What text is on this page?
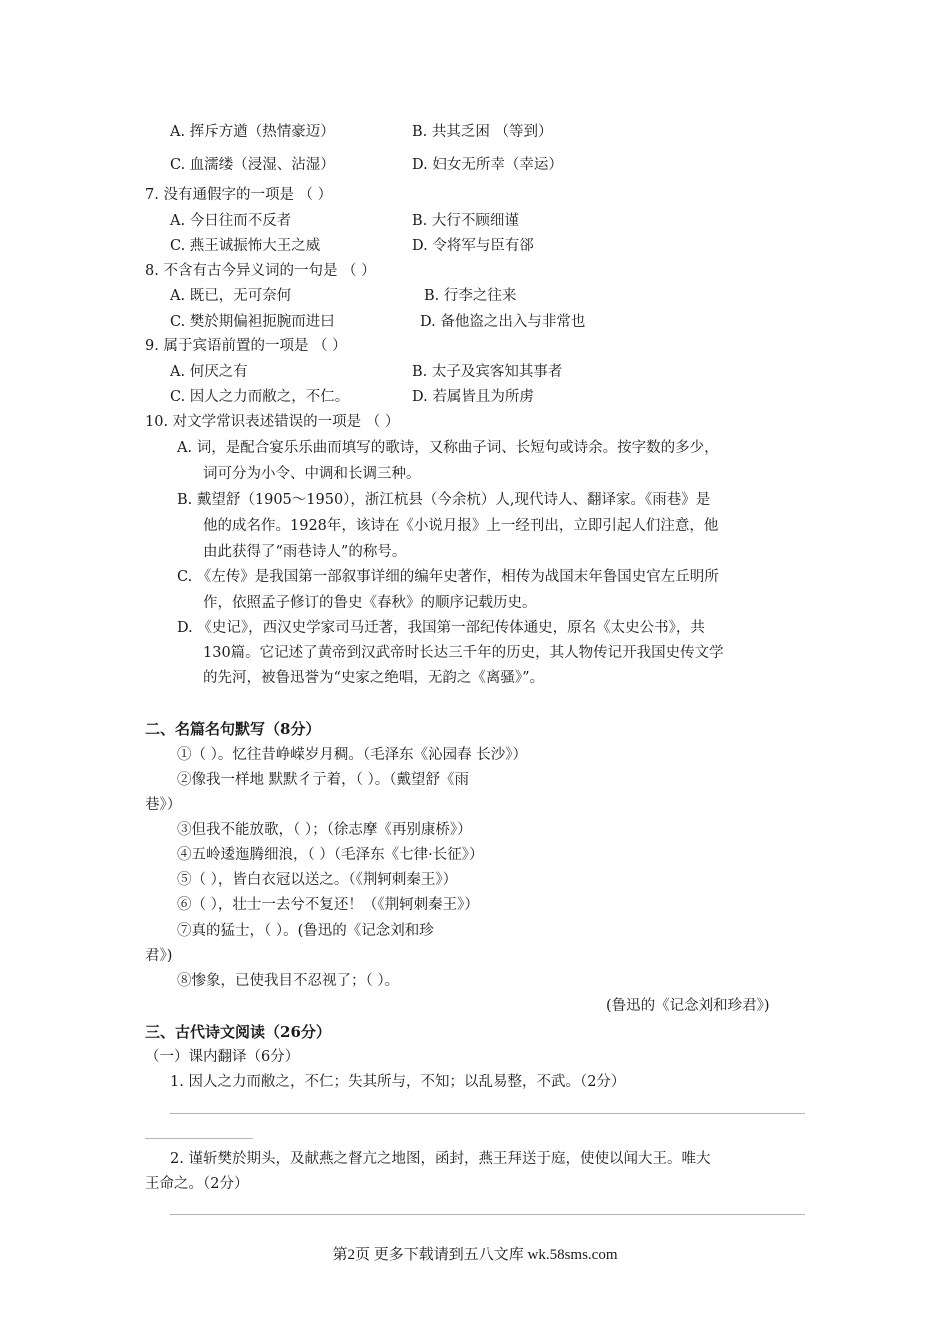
A. 挥斥方遒（热情豪迈）	B. 共其乏困 （等到）
C. 血濡缕（浸湿、沾湿）	D. 妇女无所幸（幸运）
7. 没有通假字的一项是 （ ）
A. 今日往而不反者	B. 大行不顾细谨
C. 燕王诚振怖大王之威	D. 令将军与臣有郤
8. 不含有古今异义词的一句是 （ ）
A. 既已，无可奈何	B. 行李之往来
C. 樊於期偏袒扼腕而进曰	D. 备他盗之出入与非常也
9. 属于宾语前置的一项是 （ ）
A. 何厌之有	B. 太子及宾客知其事者
C. 因人之力而敝之，不仁。	D. 若属皆且为所虏
10. 对文学常识表述错误的一项是 （ ）
A. 词，是配合宴乐乐曲而填写的歌诗，又称曲子词、长短句或诗余。按字数的多少，
词可分为小令、中调和长调三种。
B. 戴望舒（1905～1950），浙江杭县（今余杭）人,现代诗人、翻译家。《雨巷》是
他的成名作。1928年，该诗在《小说月报》上一经刊出，立即引起人们注意，他
由此获得了“雨巷诗人”的称号。
C. 《左传》是我国第一部叙事详细的编年史著作，相传为战国末年鲁国史官左丘明所
作，依照孟子修订的鲁史《春秋》的顺序记载历史。
D. 《史记》，西汉史学家司马迁著，我国第一部纪传体通史，原名《太史公书》，共
130篇。它记述了黄帝到汉武帝时长达三千年的历史，其人物传记开我国史传文学
的先河，被鲁迅誉为“史家之绝唱，无韵之《离骚》”。
二、名篇名句默写（8分）
①（ ）。忆往昔峥嵘岁月稠。（毛泽东《沁园春 长沙》）
②像我一样地 默默彳亍着，（ ）。（戴望舒《雨
巷》）
③但我不能放歌，（ ）；（徐志摩《再别康桥》）
④五岭逶迤腾细浪，（ ）（毛泽东《七律·长征》）
⑤（ ），皆白衣冠以送之。（《荆轲刺秦王》）
⑥（ ），壮士一去兮不复还！（《荆轲刺秦王》）
⑦真的猛士，（ ）。(鲁迅的《记念刘和珍
君》)
⑧惨象，已使我目不忍视了；（ ）。
(鲁迅的《记念刘和珍君》)
三、古代诗文阅读（26分）
（一）课内翻译（6分）
1. 因人之力而敝之，不仁；失其所与，不知；以乱易整，不武。（2分）
2. 谨斩樊於期头，及献燕之督亢之地图，函封，燕王拜送于庭，使使以闻大王。唯大
王命之。（2分）
第2页 更多下载请到五八文库 wk.58sms.com
